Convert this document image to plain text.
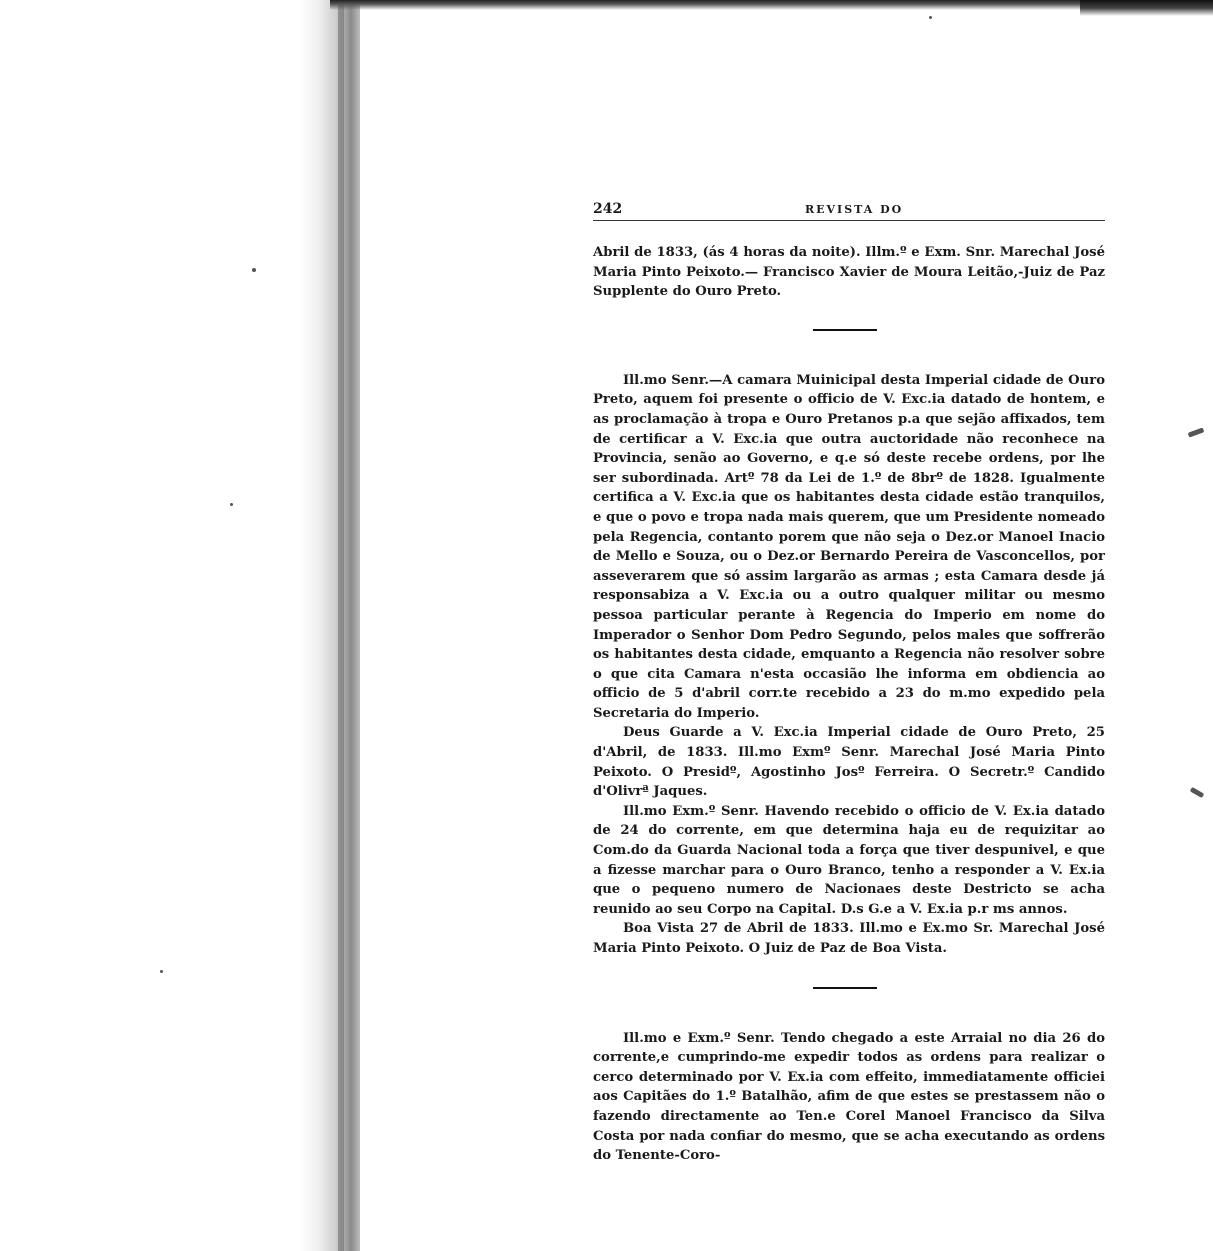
242	REVISTA DO

Abril de 1833, (ás 4 horas da noite). Illm.º e Exm. Snr. Marechal José Maria Pinto Peixoto.— Francisco Xavier de Moura Leitão,-Juiz de Paz Supplente do Ouro Preto.

Ill.mo Senr.—A camara Muinicipal desta Imperial cidade de Ouro Preto, aquem foi presente o officio de V. Exc.ia datado de hontem, e as proclamação à tropa e Ouro Pretanos p.a que sejão affixados, tem de certificar a V. Exc.ia que outra auctoridade não reconhece na Provincia, senão ao Governo, e q.e só deste recebe ordens, por lhe ser subordinada. Artº 78 da Lei de 1.º de 8brº de 1828. Igualmente certifica a V. Exc.ia que os habitantes desta cidade estão tranquilos, e que o povo e tropa nada mais querem, que um Presidente nomeado pela Regencia, contanto porem que não seja o Dez.or Manoel Inacio de Mello e Souza, ou o Dez.or Bernardo Pereira de Vasconcellos, por asseverarem que só assim largarão as armas ; esta Camara desde já responsabiza a V. Exc.ia ou a outro qualquer militar ou mesmo pessoa particular perante à Regencia do Imperio em nome do Imperador o Senhor Dom Pedro Segundo, pelos males que soffrerão os habitantes desta cidade, emquanto a Regencia não resolver sobre o que cita Camara n'esta occasião lhe informa em obdiencia ao officio de 5 d'abril corr.te recebido a 23 do m.mo expedido pela Secretaria do Imperio.

Deus Guarde a V. Exc.ia Imperial cidade de Ouro Preto, 25 d'Abril, de 1833. Ill.mo Exmº Senr. Marechal José Maria Pinto Peixoto. O Presidº, Agostinho Josº Ferreira. O Secretr.º Candido d'Olivrª Jaques.

Ill.mo Exm.º Senr. Havendo recebido o officio de V. Ex.ia datado de 24 do corrente, em que determina haja eu de requizitar ao Com.do da Guarda Nacional toda a força que tiver despunivel, e que a fizesse marchar para o Ouro Branco, tenho a responder a V. Ex.ia que o pequeno numero de Nacionaes deste Destricto se acha reunido ao seu Corpo na Capital. D.s G.e a V. Ex.ia p.r ms annos.

Boa Vista 27 de Abril de 1833. Ill.mo e Ex.mo Sr. Marechal José Maria Pinto Peixoto. O Juiz de Paz de Boa Vista.

Ill.mo e Exm.º Senr. Tendo chegado a este Arraial no dia 26 do corrente,e cumprindo-me expedir todos as ordens para realizar o cerco determinado por V. Ex.ia com effeito, immediatamente officiei aos Capitães do 1.º Batalhão, afim de que estes se prestassem não o fazendo directamente ao Ten.e Corel Manoel Francisco da Silva Costa por nada confiar do mesmo, que se acha executando as ordens do Tenente-Coro-
